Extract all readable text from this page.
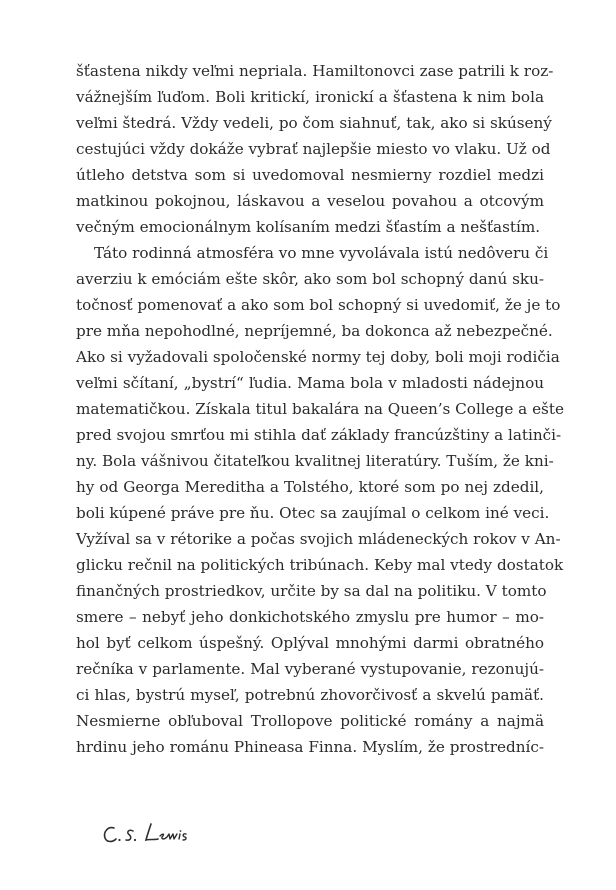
šťastena nikdy veľmi nepriala. Hamiltonovci zase patrili k roz-
vážnejším ľuďom. Boli kritickí, ironickí a šťastena k nim bola
veľmi štedrá. Vždy vedeli, po čom siahnuť, tak, ako si skúsený
cestujúci vždy dokáže vybrať najlepšie miesto vo vlaku. Už od
útleho detstva som si uvedomoval nesmierny rozdiel medzi
matkinou pokojnou, láskavou a veselou povahou a otcovým
večným emocionálnym kolísaním medzi šťastím a nešťastím.

Táto rodinná atmosféra vo mne vyvolávala istú nedôveru či
averziu k emóciám ešte skôr, ako som bol schopný danú sku-
točnosť pomenovať a ako som bol schopný si uvedomiť, že je to
pre mňa nepohodlné, nepríjemné, ba dokonca až nebezpečné.
Ako si vyžadovali spoločenské normy tej doby, boli moji rodičia
veľmi sčítaní, „bystrí“ ľudia. Mama bola v mladosti nádejnou
matematičkou. Získala titul bakalára na Queen’s College a ešte
pred svojou smrťou mi stihla dať základy francúzštiny a latinči-
ny. Bola vášnivou čitateľkou kvalitnej literatúry. Tuším, že kni-
hy od Georga Mereditha a Tolstého, ktoré som po nej zdedil,
boli kúpené práve pre ňu. Otec sa zaujímal o celkom iné veci.
Vyžíval sa v rétorike a počas svojich mládeneckých rokov v An-
glicku rečnil na politických tribúnach. Keby mal vtedy dostatok
finančných prostriedkov, určite by sa dal na politiku. V tomto
smere – nebyť jeho donkichotského zmyslu pre humor – mo-
hol byť celkom úspešný. Oplýval mnohými darmi obratného
rečníka v parlamente. Mal vyberané vystupovanie, rezonujú-
ci hlas, bystrú myseľ, potrebnú zhovorčivosť a skvelú pamäť.
Nesmierne obľuboval Trollopove politické romány a najmä
hrdinu jeho románu Phineasa Finna. Myslím, že prostredníc-
